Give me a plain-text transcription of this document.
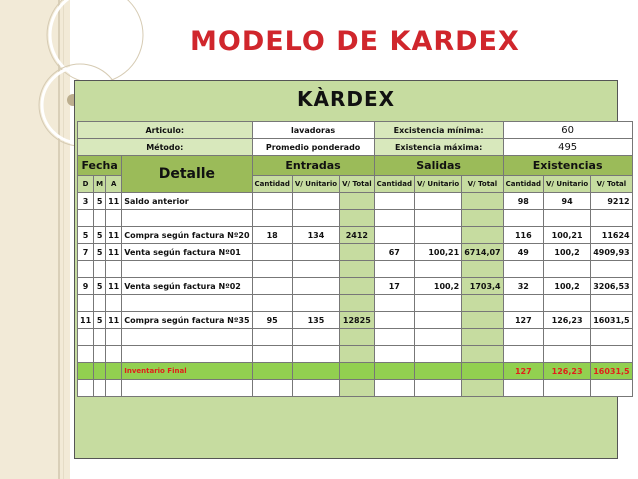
MODELO DE KARDEX
KÀRDEX
Articulo:				lavadoras			Excistencia mínima:			60		
Método:				Promedio ponderado			Existencia máxima:			495		
Fecha			Detalle	Entradas			Salidas			Existencias		
D	M	A		Cantidad	V/ Unitario	V/ Total	Cantidad	V/ Unitario	V/ Total	Cantidad	V/ Unitario	V/ Total
3	5	11	Saldo anterior							98	94	9212

5	5	11	Compra según factura Nº20	18	134	2412				116	100,21	11624
7	5	11	Venta según factura Nº01				67	100,21	6714,07	49	100,2	4909,93

9	5	11	Venta según factura Nº02				17	100,2	1703,4	32	100,2	3206,53

11	5	11	Compra según factura Nº35	95	135	12825				127	126,23	16031,5

			Inventario Final							127	126,23	16031,5
